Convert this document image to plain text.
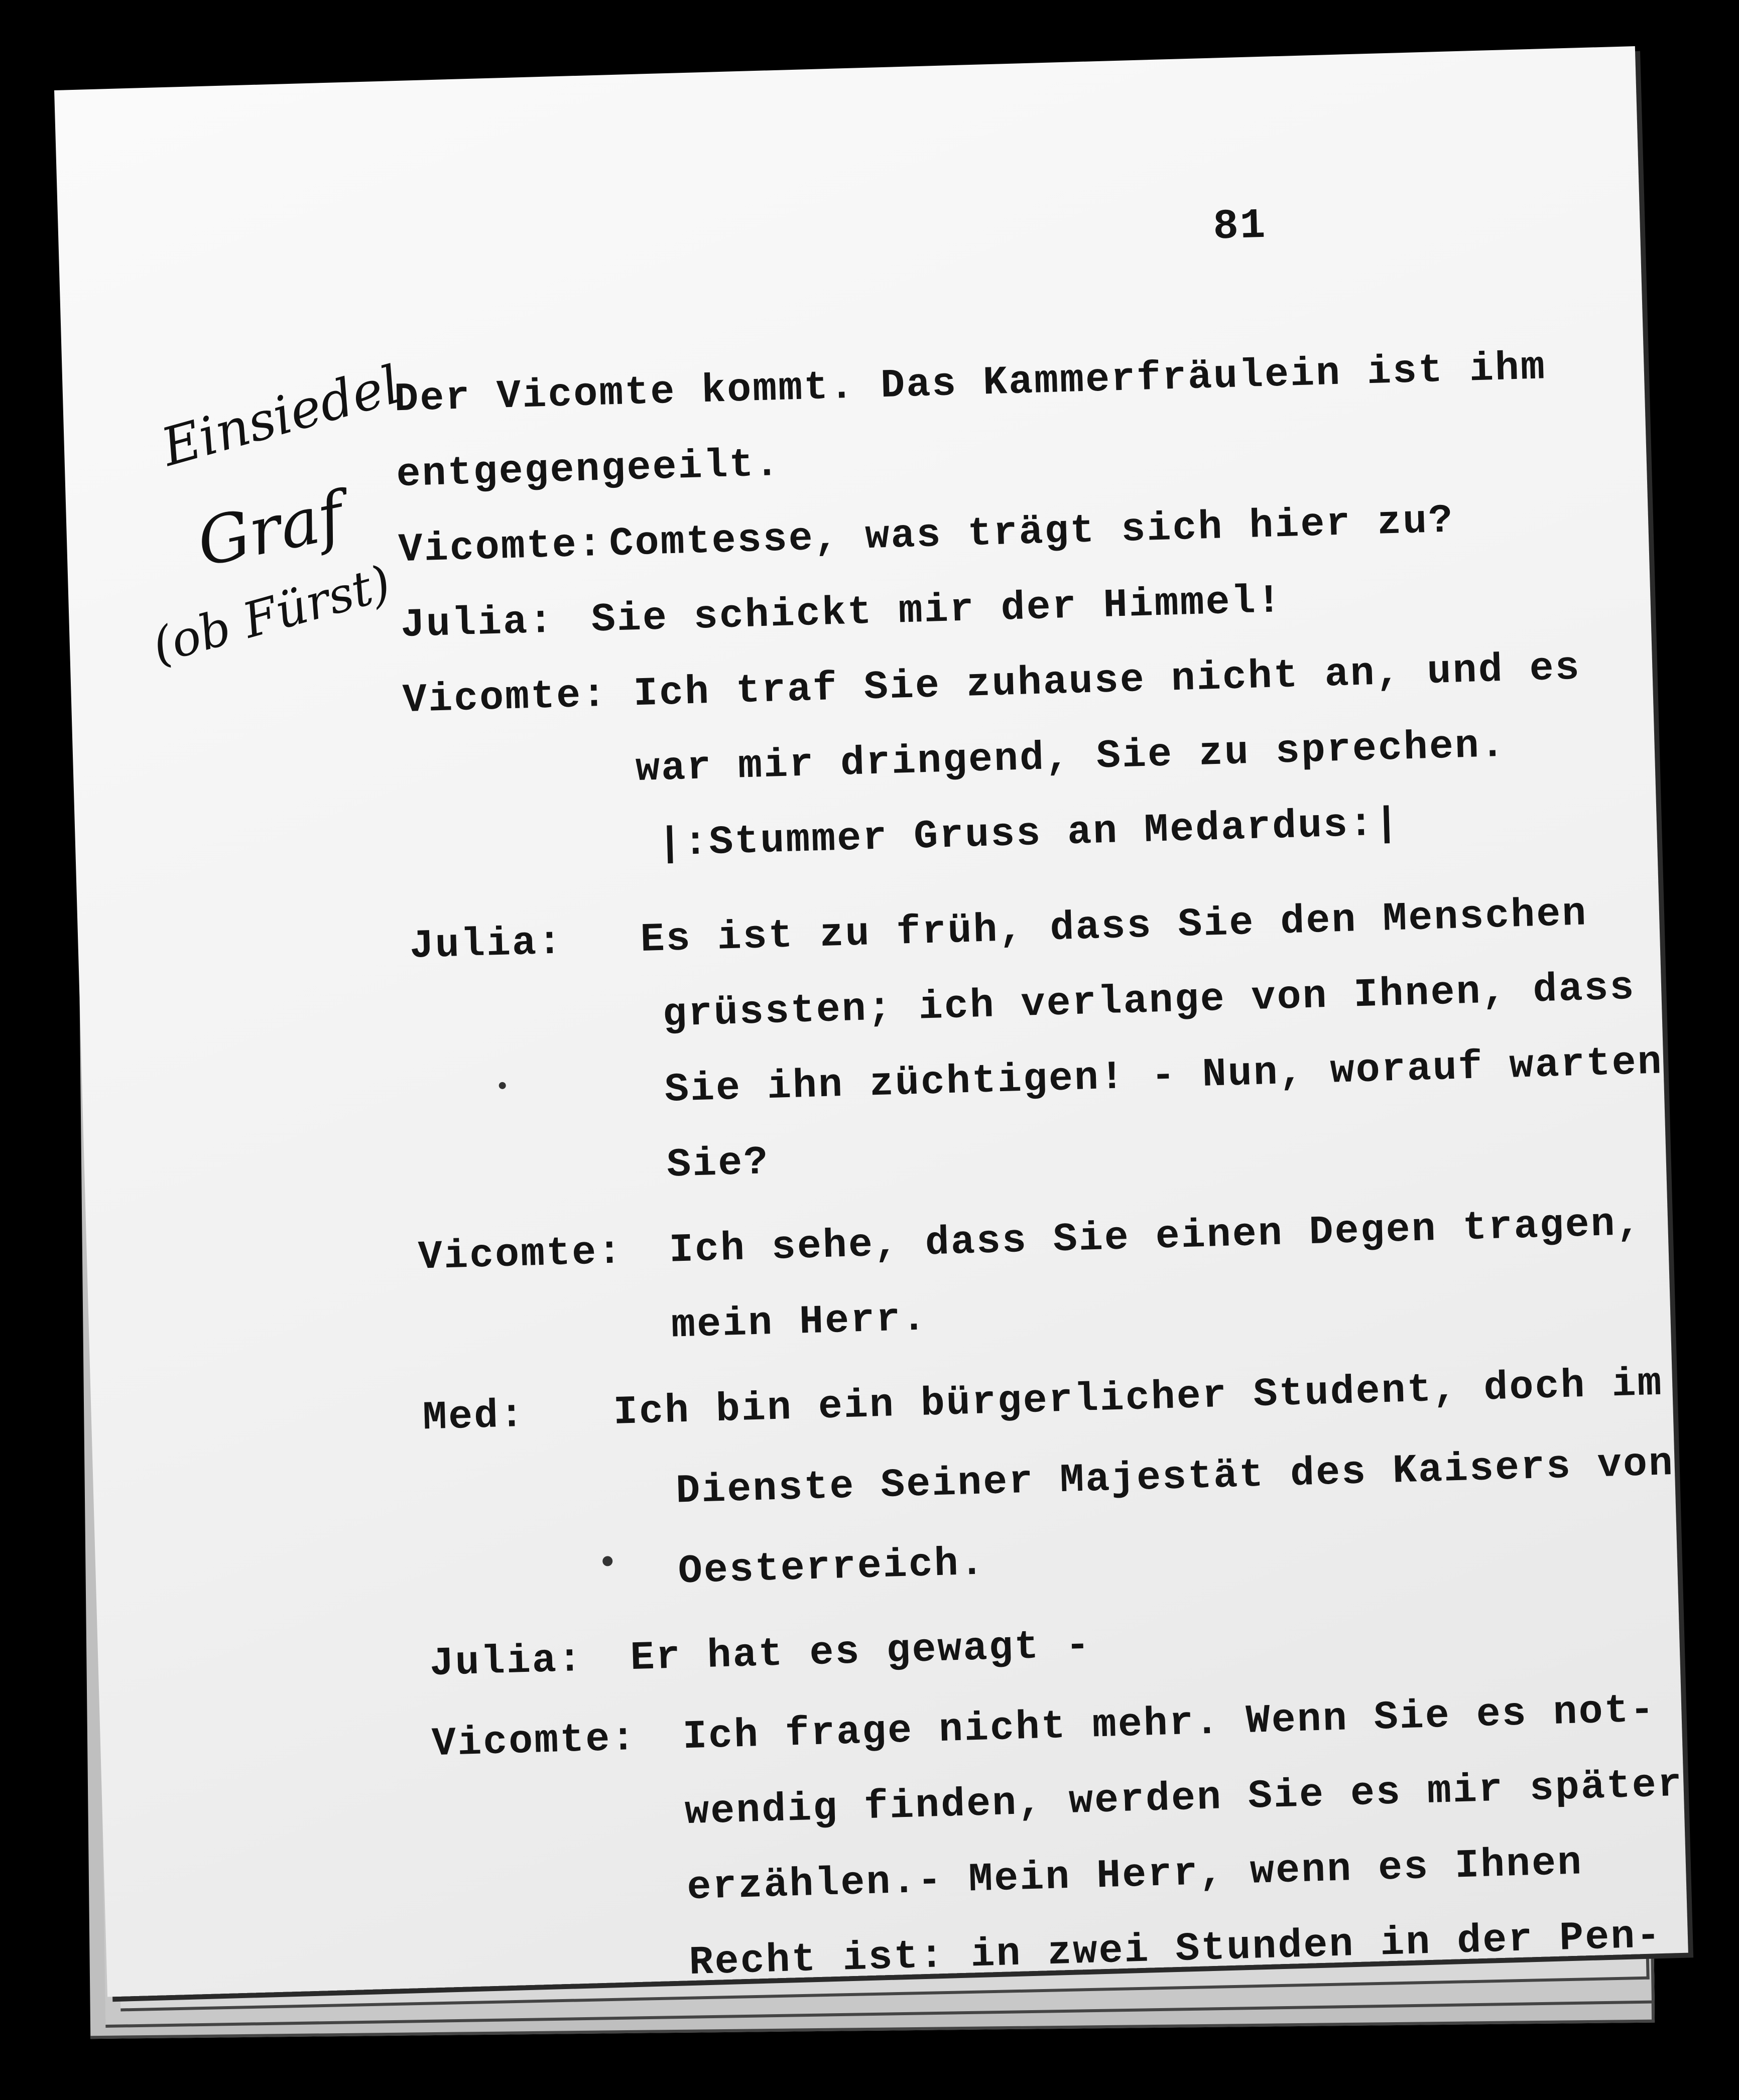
81
Einsiedel
Graf
(ob Fürst)
Der Vicomte kommt. Das Kammerfräulein ist ihm
entgegengeeilt.
Vicomte: Comtesse, was trägt sich hier zu?
Julia: Sie schickt mir der Himmel!
Vicomte: Ich traf Sie zuhause nicht an, und es
war mir dringend, Sie zu sprechen.
|:Stummer Gruss an Medardus:|
Julia: Es ist zu früh, dass Sie den Menschen
grüssten; ich verlange von Ihnen, dass
Sie ihn züchtigen! - Nun, worauf warten
Sie?
Vicomte: Ich sehe, dass Sie einen Degen tragen,
mein Herr.
Med: Ich bin ein bürgerlicher Student, doch im
Dienste Seiner Majestät des Kaisers von
Oesterreich.
Julia: Er hat es gewagt -
Vicomte: Ich frage nicht mehr. Wenn Sie es not-
wendig finden, werden Sie es mir später
erzählen.- Mein Herr, wenn es Ihnen
Recht ist: in zwei Stunden in der Pen-
